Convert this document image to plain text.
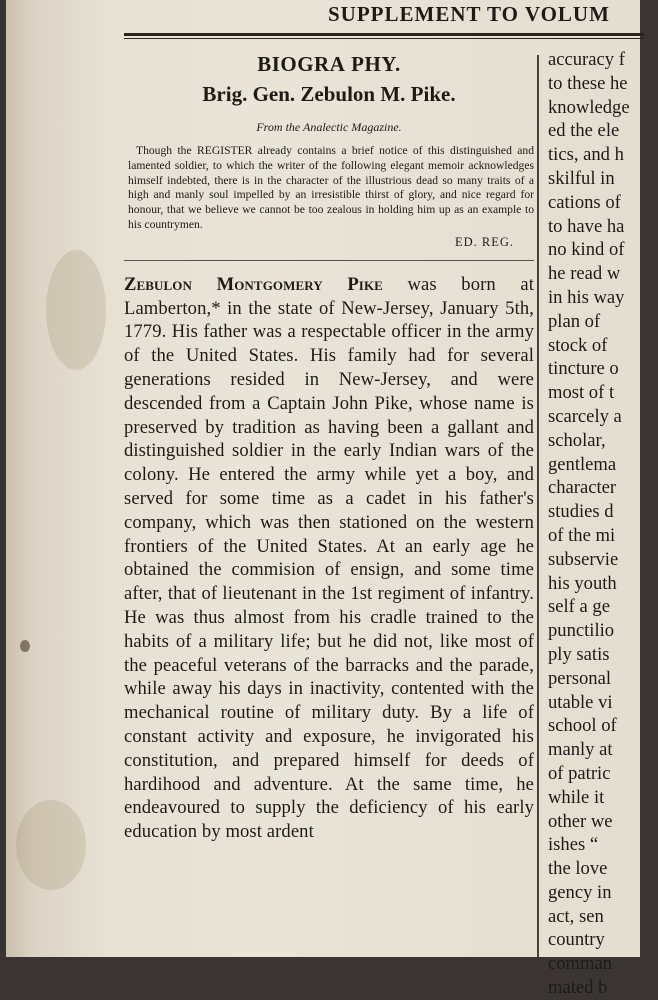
SUPPLEMENT TO VOLUM
BIOGRA PHY.
Brig. Gen. Zebulon M. Pike.
From the Analectic Magazine.
Though the REGISTER already contains a brief notice of this distinguished and lamented soldier, to which the writer of the following elegant memoir acknowledges himself indebted, there is in the character of the illustrious dead so many traits of a high and manly soul impelled by an irresistible thirst of glory, and nice regard for honour, that we believe we cannot be too zealous in holding him up as an example to his countrymen.
ED. REG.
Zebulon Montgomery Pike was born at Lamberton,* in the state of New-Jersey, January 5th, 1779. His father was a respectable officer in the army of the United States. His family had for several generations resided in New-Jersey, and were descended from a Captain John Pike, whose name is preserved by tradition as having been a gallant and distinguished soldier in the early Indian wars of the colony. He entered the army while yet a boy, and served for some time as a cadet in his father's company, which was then stationed on the western frontiers of the United States. At an early age he obtained the commision of ensign, and some time after, that of lieutenant in the 1st regiment of infantry. He was thus almost from his cradle trained to the habits of a military life; but he did not, like most of the peaceful veterans of the barracks and the parade, while away his days in inactivity, contented with the mechanical routine of military duty. By a life of constant activity and exposure, he invigorated his constitution, and prepared himself for deeds of hardihood and adventure. At the same time, he endeavoured to supply the deficiency of his early education by most ardent
accuracy f
to these he
knowledge
ed the ele
tics, and h
skilful in
cations of
to have ha
no kind of
he read w
in his way
plan of
stock of
tincture o
most of t
scarcely a
scholar,
gentlema
character
studies d
of the mi
subservie
his youth
self a ge
punctilio
ply satis
personal
utable vi
school of
manly at
of patric
while it
other we
ishes “
the love
gency in
act, sen
country
comman
mated b
